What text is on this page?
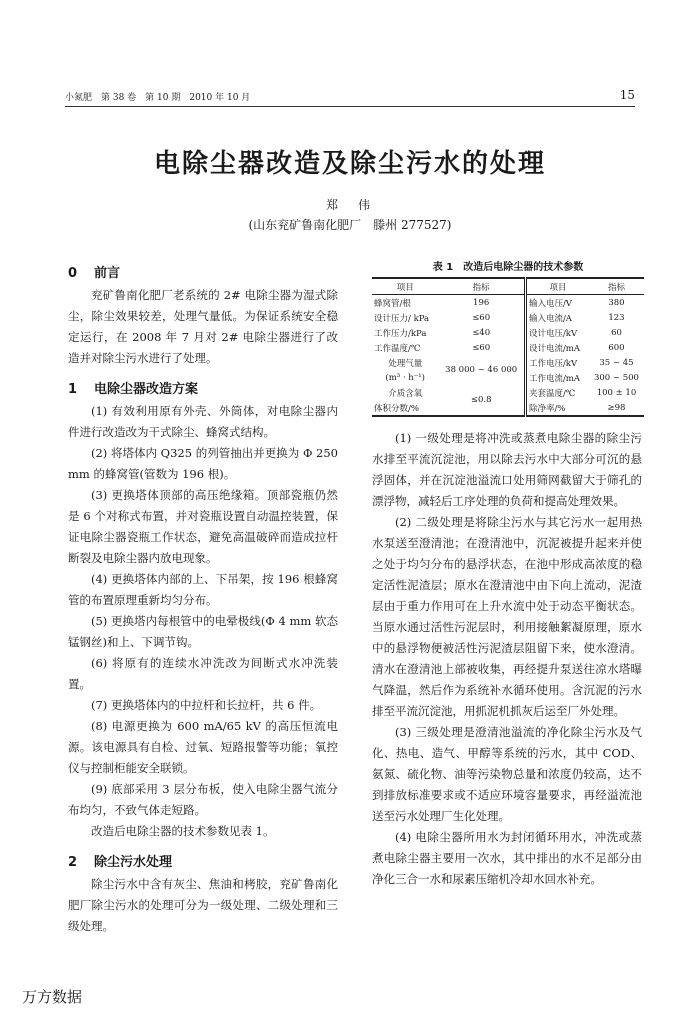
小氮肥　第 38 卷　第 10 期　2010 年 10 月	15
电除尘器改造及除尘污水的处理
郑　伟
(山东兖矿鲁南化肥厂　滕州 277527)
0 前言

兖矿鲁南化肥厂老系统的 2# 电除尘器为湿式除尘，除尘效果较差，处理气量低。为保证系统安全稳定运行，在 2008 年 7 月对 2# 电除尘器进行了改造并对除尘污水进行了处理。

1 电除尘器改造方案

(1) 有效利用原有外壳、外筒体，对电除尘器内件进行改造改为干式除尘、蜂窝式结构。

(2) 将塔体内 Q325 的列管抽出并更换为 Φ 250 mm 的蜂窝管(管数为 196 根)。

(3) 更换塔体顶部的高压绝缘箱。顶部瓷瓶仍然是 6 个对称式布置，并对瓷瓶设置自动温控装置，保证电除尘器瓷瓶工作状态，避免高温破碎而造成拉杆断裂及电除尘器内放电现象。

(4) 更换塔体内部的上、下吊架，按 196 根蜂窝管的布置原理重新均匀分布。

(5) 更换塔内每根管中的电晕极线(Φ 4 mm 软态锰钢丝)和上、下调节钩。

(6) 将原有的连续水冲洗改为间断式水冲洗装置。

(7) 更换塔体内的中拉杆和长拉杆，共 6 件。

(8) 电源更换为 600 mA/65 kV 的高压恒流电源。该电源具有自检、过氧、短路报警等功能；氧控仪与控制柜能安全联锁。

(9) 底部采用 3 层分布板，使入电除尘器气流分布均匀，不致气体走短路。

改造后电除尘器的技术参数见表 1。

2 除尘污水处理

除尘污水中含有灰尘、焦油和栲胶，兖矿鲁南化肥厂除尘污水的处理可分为一级处理、二级处理和三级处理。

表 1　改造后电除尘器的技术参数
项目	指标	项目	指标
蜂窝管/根	196	输入电压/V	380
设计压力/ kPa	≤60	输入电流/A	123
工作压力/kPa	≤40	设计电压/kV	60
工作温度/℃	≤60	设计电流/mA	600
处理气量	38 000 ~ 46 000	工作电压/kV	35 ~ 45
(m³ · h⁻¹)		工作电流/mA	300 ~ 500
介质含氧	≤0.8	夹套温度/℃	100 ± 10
体积分数/%		除净率/%	≥98

(1) 一级处理是将冲洗或蒸煮电除尘器的除尘污水排至平流沉淀池，用以除去污水中大部分可沉的悬浮固体，并在沉淀池溢流口处用筛网截留大于筛孔的漂浮物，减轻后工序处理的负荷和提高处理效果。

(2) 二级处理是将除尘污水与其它污水一起用热水泵送至澄清池；在澄清池中，沉泥被提升起来并使之处于均匀分布的悬浮状态，在池中形成高浓度的稳定活性泥渣层；原水在澄清池中由下向上流动，泥渣层由于重力作用可在上升水流中处于动态平衡状态。当原水通过活性污泥层时，利用接触絮凝原理，原水中的悬浮物便被活性污泥渣层阻留下来，使水澄清。清水在澄清池上部被收集，再经提升泵送往凉水塔曝气降温，然后作为系统补水循环使用。含沉泥的污水排至平流沉淀池，用抓泥机抓灰后运至厂外处理。

(3) 三级处理是澄清池溢流的净化除尘污水及气化、热电、造气、甲醇等系统的污水，其中 COD、氨氮、硫化物、油等污染物总量和浓度仍较高，达不到排放标准要求或不适应环境容量要求，再经溢流池送至污水处理厂生化处理。

(4) 电除尘器所用水为封闭循环用水，冲洗或蒸煮电除尘器主要用一次水，其中排出的水不足部分由净化三合一水和尿素压缩机冷却水回水补充。

万方数据
